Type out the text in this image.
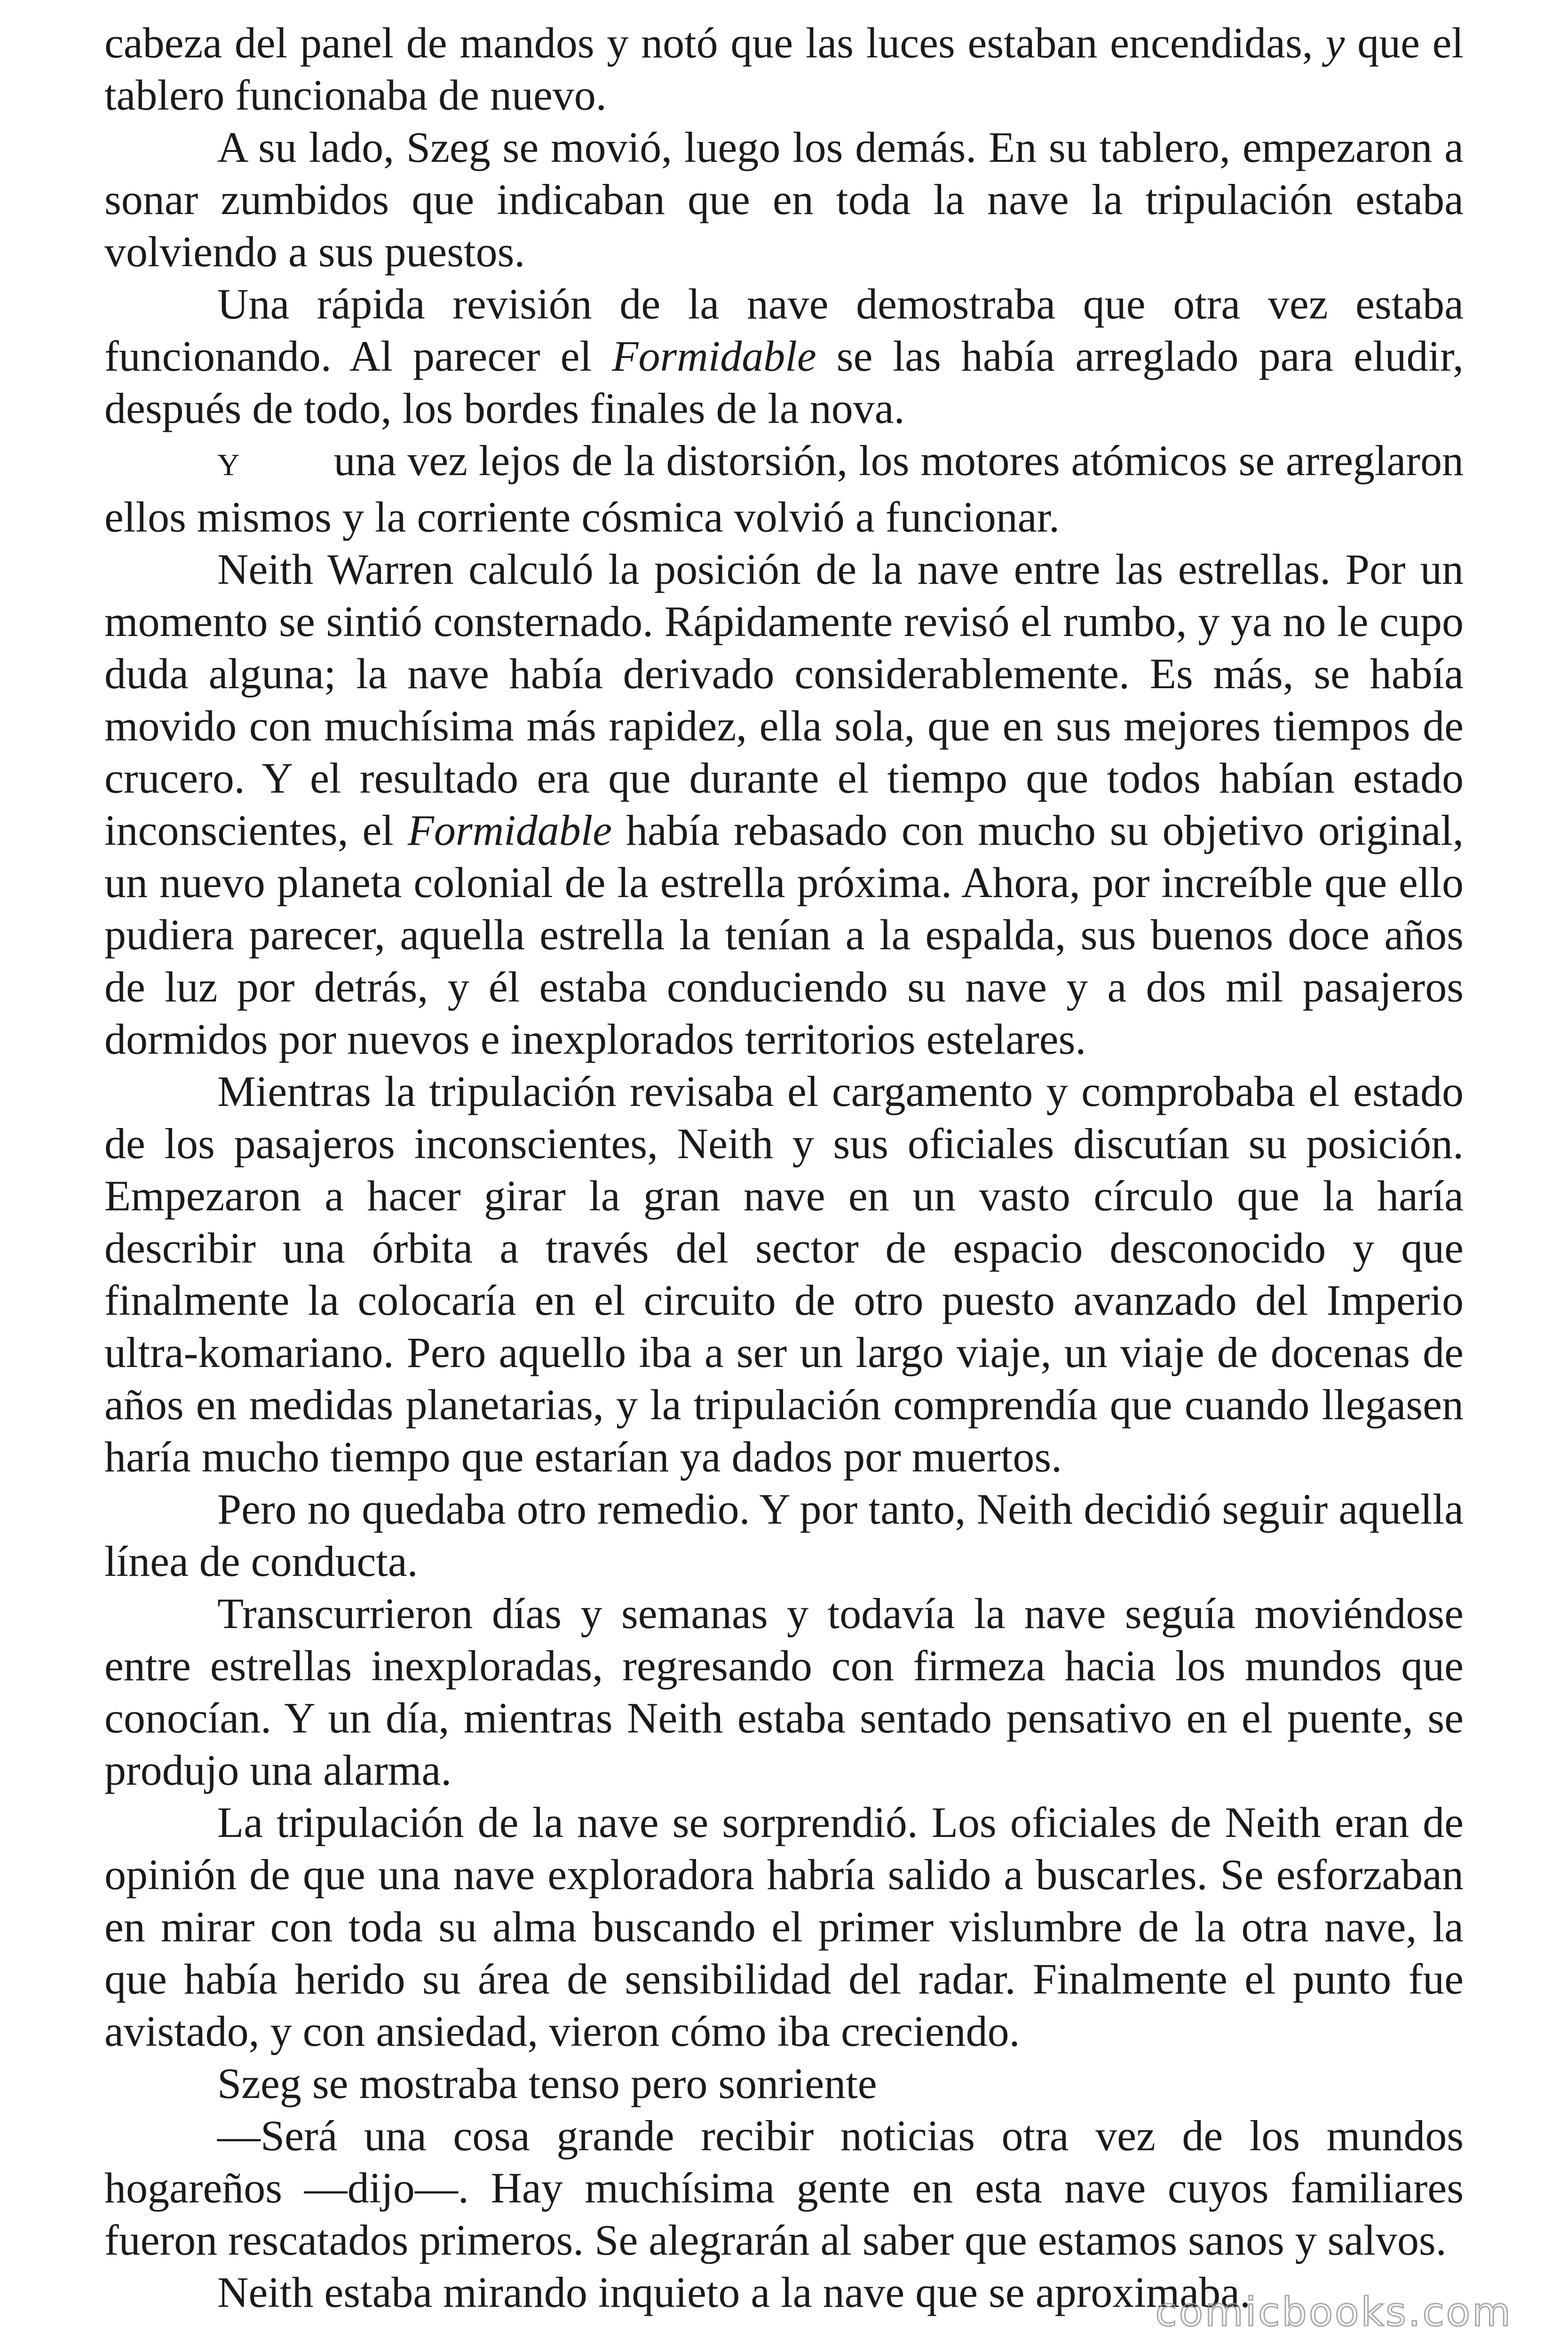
cabeza del panel de mandos y notó que las luces estaban encendidas, y que el tablero funcionaba de nuevo.

A su lado, Szeg se movió, luego los demás. En su tablero, empezaron a sonar zumbidos que indicaban que en toda la nave la tripulación estaba volviendo a sus puestos.

Una rápida revisión de la nave demostraba que otra vez estaba funcionando. Al parecer el Formidable se las había arreglado para eludir, después de todo, los bordes finales de la nova.

Y una vez lejos de la distorsión, los motores atómicos se arreglaron ellos mismos y la corriente cósmica volvió a funcionar.

Neith Warren calculó la posición de la nave entre las estrellas. Por un momento se sintió consternado. Rápidamente revisó el rumbo, y ya no le cupo duda alguna; la nave había derivado considerablemente. Es más, se había movido con muchísima más rapidez, ella sola, que en sus mejores tiempos de crucero. Y el resultado era que durante el tiempo que todos habían estado inconscientes, el Formidable había rebasado con mucho su objetivo original, un nuevo planeta colonial de la estrella próxima. Ahora, por increíble que ello pudiera parecer, aquella estrella la tenían a la espalda, sus buenos doce años de luz por detrás, y él estaba conduciendo su nave y a dos mil pasajeros dormidos por nuevos e inexplorados territorios estelares.

Mientras la tripulación revisaba el cargamento y comprobaba el estado de los pasajeros inconscientes, Neith y sus oficiales discutían su posición. Empezaron a hacer girar la gran nave en un vasto círculo que la haría describir una órbita a través del sector de espacio desconocido y que finalmente la colocaría en el circuito de otro puesto avanzado del Imperio ultra-komariano. Pero aquello iba a ser un largo viaje, un viaje de docenas de años en medidas planetarias, y la tripulación comprendía que cuando llegasen haría mucho tiempo que estarían ya dados por muertos.

Pero no quedaba otro remedio. Y por tanto, Neith decidió seguir aquella línea de conducta.

Transcurrieron días y semanas y todavía la nave seguía moviéndose entre estrellas inexploradas, regresando con firmeza hacia los mundos que conocían. Y un día, mientras Neith estaba sentado pensativo en el puente, se produjo una alarma.

La tripulación de la nave se sorprendió. Los oficiales de Neith eran de opinión de que una nave exploradora habría salido a buscarles. Se esforzaban en mirar con toda su alma buscando el primer vislumbre de la otra nave, la que había herido su área de sensibilidad del radar. Finalmente el punto fue avistado, y con ansiedad, vieron cómo iba creciendo.

Szeg se mostraba tenso pero sonriente

—Será una cosa grande recibir noticias otra vez de los mundos hogareños —dijo—. Hay muchísima gente en esta nave cuyos familiares fueron rescatados primeros. Se alegrarán al saber que estamos sanos y salvos.

Neith estaba mirando inquieto a la nave que se aproximaba.

comicbooks.com
